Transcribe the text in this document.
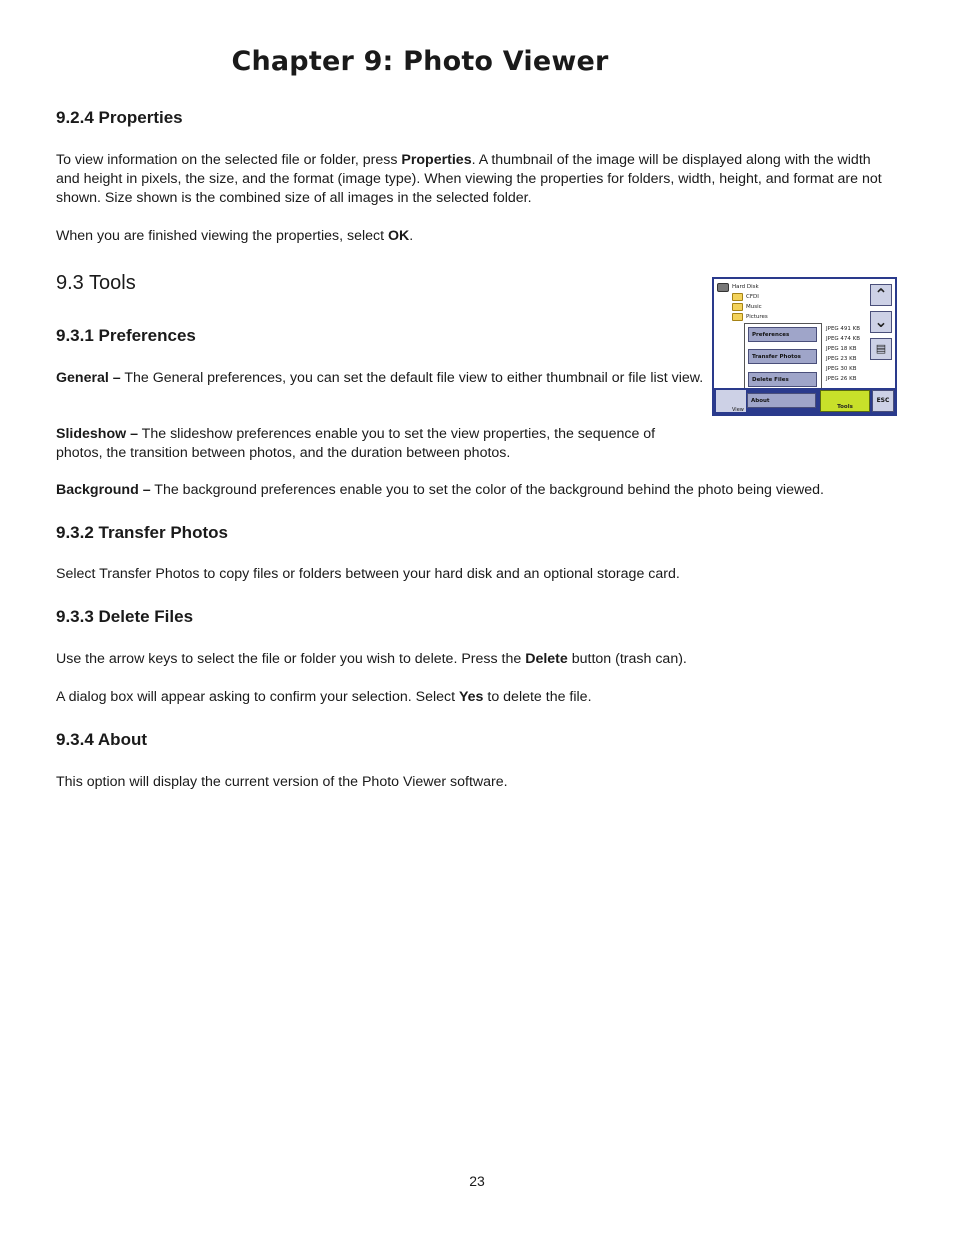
Chapter 9: Photo Viewer
9.2.4 Properties

To view information on the selected file or folder, press Properties. A thumbnail of the image will be displayed along with the width and height in pixels, the size, and the format (image type). When viewing the properties for folders, width, height, and format are not shown. Size shown is the combined size of all images in the selected folder.

When you are finished viewing the properties, select OK.

9.3 Tools
9.3.1 Preferences

General – The General preferences, you can set the default file view to either thumbnail or file list view.

Slideshow – The slideshow preferences enable you to set the view properties, the sequence of photos, the transition between photos, and the duration between photos.

Background – The background preferences enable you to set the color of the background behind the photo being viewed.

9.3.2 Transfer Photos

Select Transfer Photos to copy files or folders between your hard disk and an optional storage card.

9.3.3 Delete Files

Use the arrow keys to select the file or folder you wish to delete. Press the Delete button (trash can).

A dialog box will appear asking to confirm your selection. Select Yes to delete the file.

9.3.4 About

This option will display the current version of the Photo Viewer software.

Hard Disk
CFDI
Music
Pictures
JPEG 491 KB
JPEG 474 KB
JPEG 18 KB
JPEG 23 KB
JPEG 30 KB
JPEG 26 KB
Preferences
Transfer Photos
Delete Files
About
⌃
⌄
▤
View	Tools
ESC
23
